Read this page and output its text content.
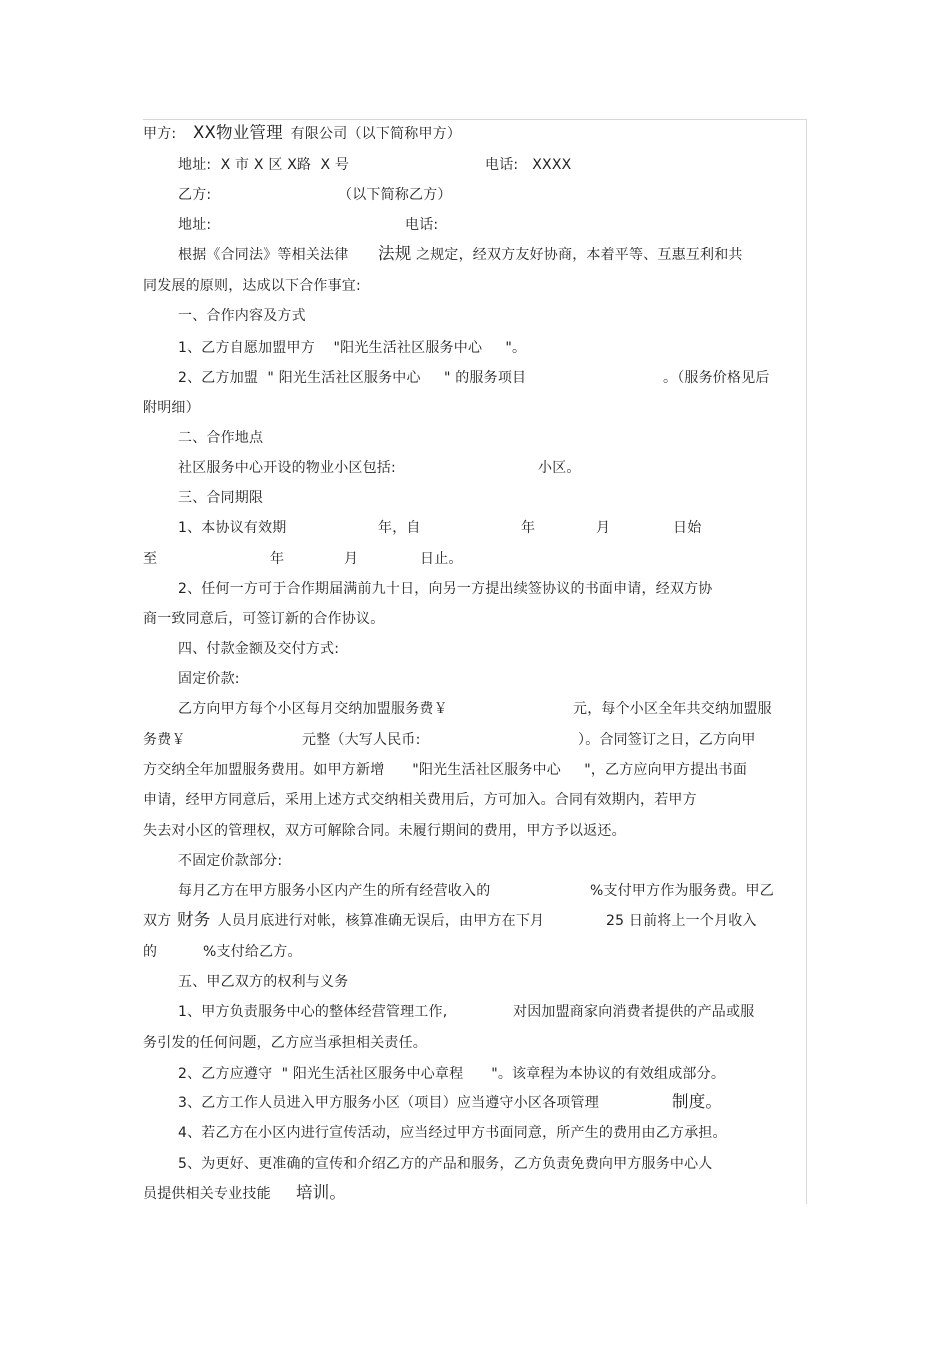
甲方: XX物业管理 有限公司（以下简称甲方）
地址:  X 市 X 区 X路  X 号	电话:   XXXX
乙方:	（以下简称乙方）
地址:	电话:
根据《合同法》等相关法律 法规 之规定，经双方友好协商，本着平等、互惠互利和共
同发展的原则，达成以下合作事宜:
一、合作内容及方式
1、乙方自愿加盟甲方    "阳光生活社区服务中心     "。
2、乙方加盟  " 阳光生活社区服务中心     " 的服务项目	。（服务价格见后
附明细）
二、合作地点
社区服务中心开设的物业小区包括:	小区。
三、合同期限
1、本协议有效期	年，自	年	月	日始
至	年	月	日止。
2、任何一方可于合作期届满前九十日，向另一方提出续签协议的书面申请，经双方协
商一致同意后，可签订新的合作协议。
四、付款金额及交付方式:
固定价款:
乙方向甲方每个小区每月交纳加盟服务费￥	元，每个小区全年共交纳加盟服
务费￥	元整（大写人民币:	）。合同签订之日，乙方向甲
方交纳全年加盟服务费用。如甲方新增      "阳光生活社区服务中心     "，乙方应向甲方提出书面
申请，经甲方同意后，采用上述方式交纳相关费用后，方可加入。合同有效期内，若甲方
失去对小区的管理权，双方可解除合同。未履行期间的费用，甲方予以返还。
不固定价款部分:
每月乙方在甲方服务小区内产生的所有经营收入的	%支付甲方作为服务费。甲乙
双方 财务 人员月底进行对帐，核算准确无误后，由甲方在下月	25 日前将上一个月收入
的	%支付给乙方。
五、甲乙双方的权利与义务
1、甲方负责服务中心的整体经营管理工作,	对因加盟商家向消费者提供的产品或服
务引发的任何问题，乙方应当承担相关责任。
2、乙方应遵守  " 阳光生活社区服务中心章程      "。该章程为本协议的有效组成部分。
3、乙方工作人员进入甲方服务小区（项目）应当遵守小区各项管理	制度。
4、若乙方在小区内进行宣传活动，应当经过甲方书面同意，所产生的费用由乙方承担。
5、为更好、更准确的宣传和介绍乙方的产品和服务，乙方负责免费向甲方服务中心人
员提供相关专业技能 培训。
